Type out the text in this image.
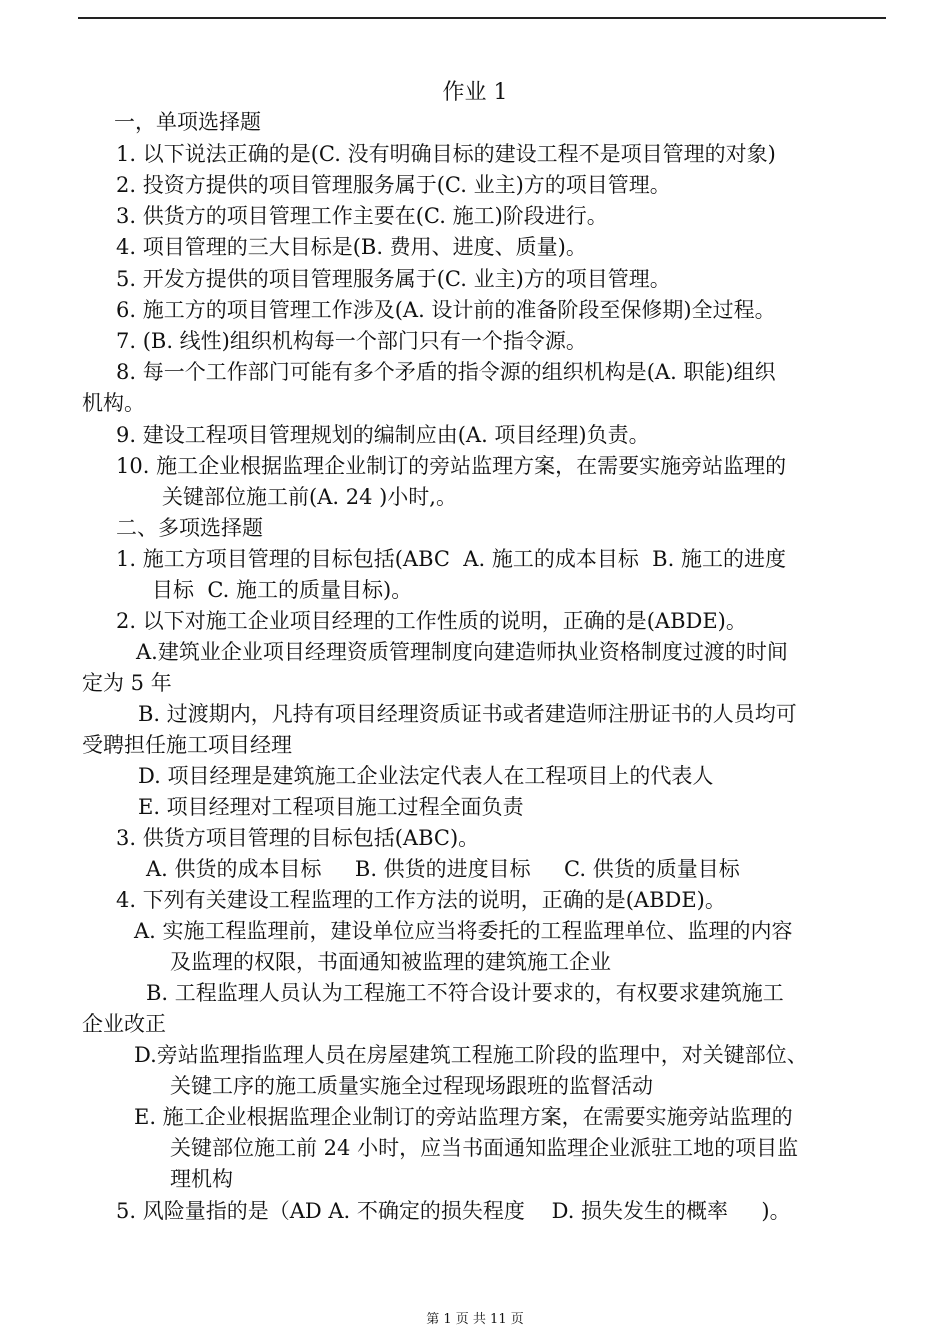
作业 1
一，单项选择题
1. 以下说法正确的是(C. 没有明确目标的建设工程不是项目管理的对象)
2. 投资方提供的项目管理服务属于(C. 业主)方的项目管理。
3. 供货方的项目管理工作主要在(C. 施工)阶段进行。
4. 项目管理的三大目标是(B. 费用、进度、质量)。
5. 开发方提供的项目管理服务属于(C. 业主)方的项目管理。
6. 施工方的项目管理工作涉及(A. 设计前的准备阶段至保修期)全过程。
7. (B. 线性)组织机构每一个部门只有一个指令源。
8. 每一个工作部门可能有多个矛盾的指令源的组织机构是(A. 职能)组织
机构。
9. 建设工程项目管理规划的编制应由(A. 项目经理)负责。
10. 施工企业根据监理企业制订的旁站监理方案，在需要实施旁站监理的
关键部位施工前(A. 24 )小时,。
二、多项选择题
1. 施工方项目管理的目标包括(ABC  A. 施工的成本目标  B. 施工的进度
目标  C. 施工的质量目标)。
2. 以下对施工企业项目经理的工作性质的说明，正确的是(ABDE)。
A.建筑业企业项目经理资质管理制度向建造师执业资格制度过渡的时间
定为 5 年
B. 过渡期内，凡持有项目经理资质证书或者建造师注册证书的人员均可
受聘担任施工项目经理
D. 项目经理是建筑施工企业法定代表人在工程项目上的代表人
E. 项目经理对工程项目施工过程全面负责
3. 供货方项目管理的目标包括(ABC)。
A. 供货的成本目标     B. 供货的进度目标     C. 供货的质量目标
4. 下列有关建设工程监理的工作方法的说明，正确的是(ABDE)。
A. 实施工程监理前，建设单位应当将委托的工程监理单位、监理的内容
及监理的权限，书面通知被监理的建筑施工企业
B. 工程监理人员认为工程施工不符合设计要求的，有权要求建筑施工
企业改正
D.旁站监理指监理人员在房屋建筑工程施工阶段的监理中，对关键部位、
关键工序的施工质量实施全过程现场跟班的监督活动
E. 施工企业根据监理企业制订的旁站监理方案，在需要实施旁站监理的
关键部位施工前 24 小时，应当书面通知监理企业派驻工地的项目监
理机构
5. 风险量指的是（AD A. 不确定的损失程度    D. 损失发生的概率     )。
第 1 页 共 11 页
